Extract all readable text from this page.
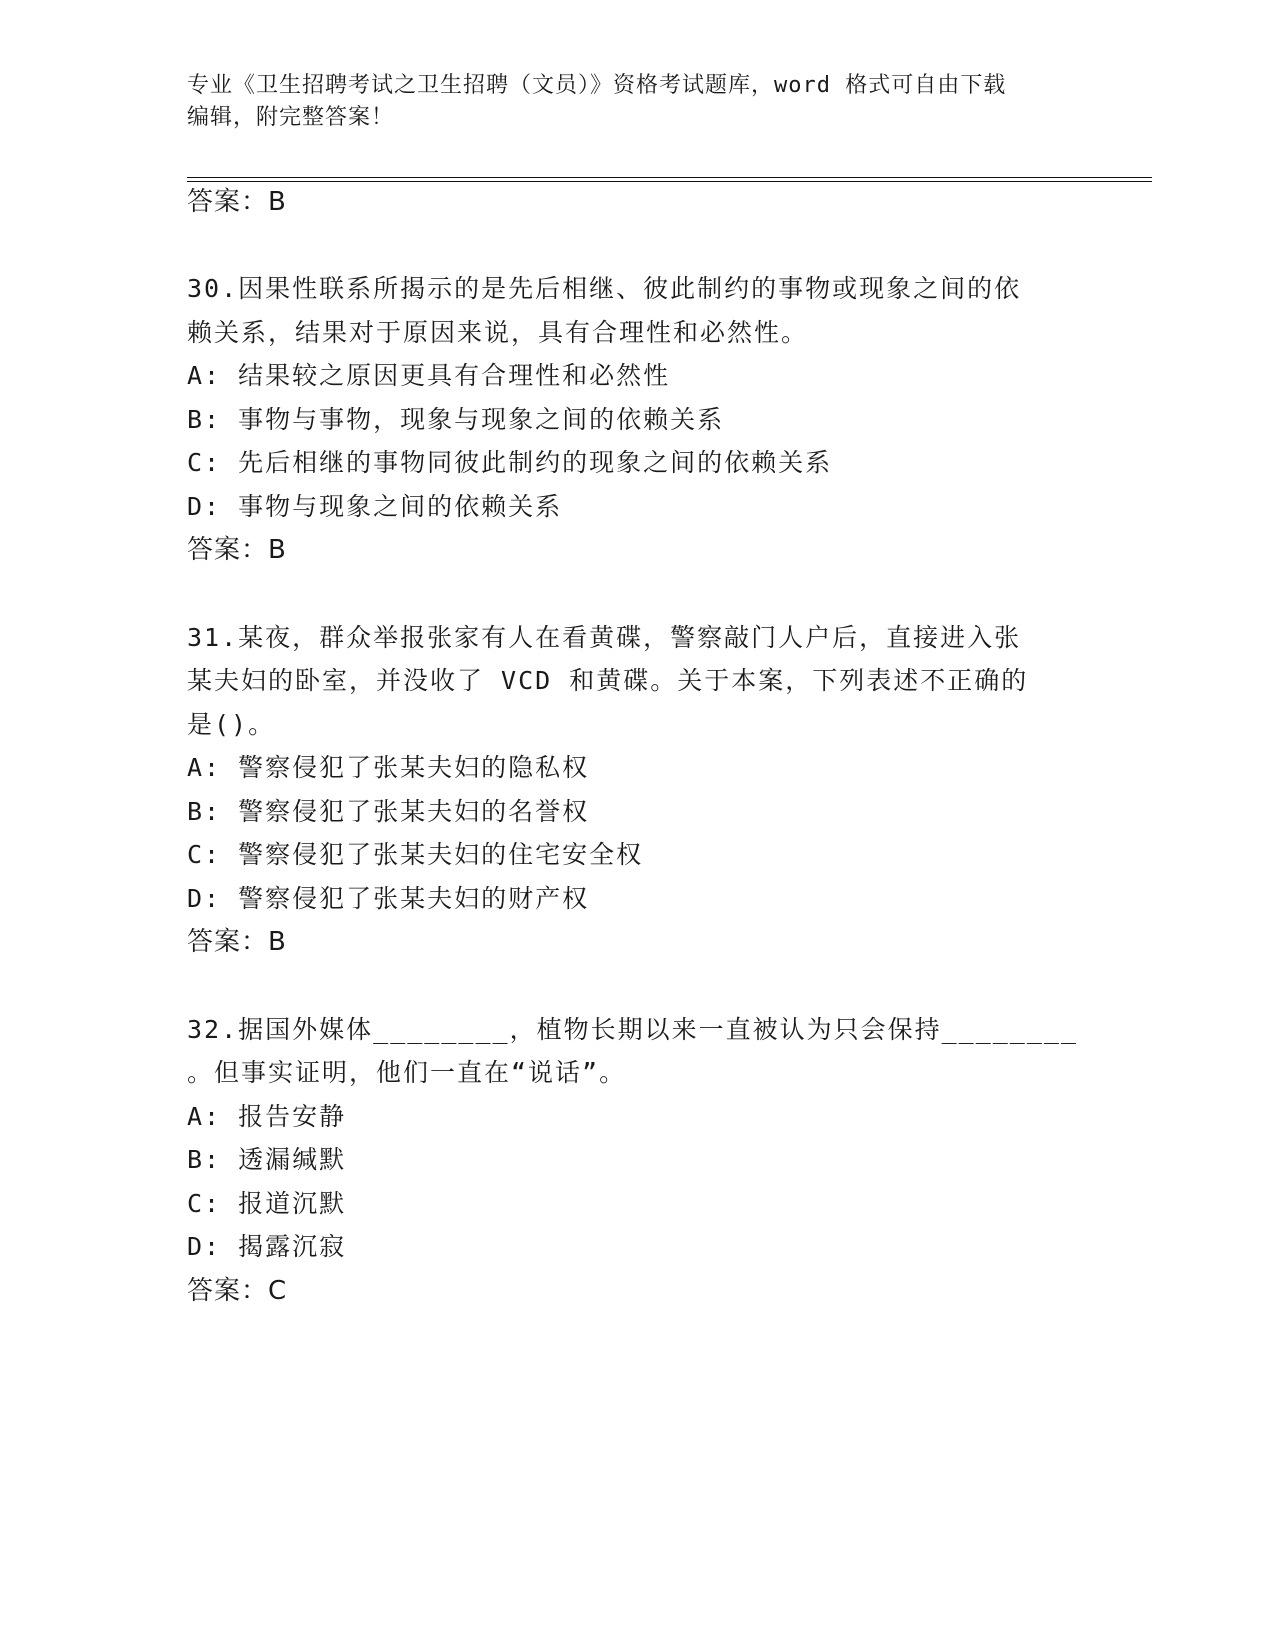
专业《卫生招聘考试之卫生招聘（文员）》资格考试题库，word 格式可自由下载
编辑，附完整答案！
答案：B
30.因果性联系所揭示的是先后相继、彼此制约的事物或现象之间的依
赖关系，结果对于原因来说，具有合理性和必然性。
A: 结果较之原因更具有合理性和必然性
B: 事物与事物，现象与现象之间的依赖关系
C: 先后相继的事物同彼此制约的现象之间的依赖关系
D: 事物与现象之间的依赖关系
答案：B
31.某夜，群众举报张家有人在看黄碟，警察敲门人户后，直接进入张
某夫妇的卧室，并没收了 VCD 和黄碟。关于本案，下列表述不正确的
是()。
A: 警察侵犯了张某夫妇的隐私权
B: 警察侵犯了张某夫妇的名誉权
C: 警察侵犯了张某夫妇的住宅安全权
D: 警察侵犯了张某夫妇的财产权
答案：B
32.据国外媒体________，植物长期以来一直被认为只会保持________
。但事实证明，他们一直在“说话”。
A: 报告安静
B: 透漏缄默
C: 报道沉默
D: 揭露沉寂
答案：C
